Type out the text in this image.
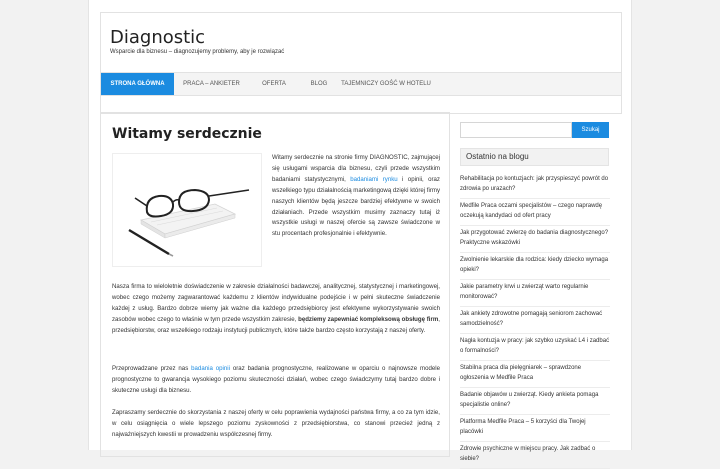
Diagnostic
Wsparcie dla biznesu – diagnozujemy problemy, aby je rozwiązać
STRONA GŁÓWNA	PRACA – ANKIETER	OFERTA	BLOG	TAJEMNICZY GOŚĆ W HOTELU
Witamy serdecznie

Witamy serdecznie na stronie firmy DIAGNOSTIC, zajmującej się usługami wsparcia dla biznesu, czyli przede wszystkim badaniami statystycznymi, badaniami rynku i opinii, oraz wszelkiego typu działalnością marketingową dzięki której firmy naszych klientów będą jeszcze bardziej efektywne w swoich działaniach. Przede wszystkim musimy zaznaczy tutaj iż wszystkie usługi w naszej ofercie są zawsze świadczone w stu procentach profesjonalnie i efektywnie.

Nasza firma to wieloletnie doświadczenie w zakresie działalności badawczej, analitycznej, statystycznej i marketingowej, wobec czego możemy zagwarantować każdemu z klientów indywidualne podejście i w pełni skuteczne świadczenie każdej z usług. Bardzo dobrze wiemy jak ważne dla każdego przedsiębiorcy jest efektywne wykorzystywanie swoich zasobów wobec czego to właśnie w tym przede wszystkim zakresie, będziemy zapewniać kompleksową obsługę firm, przedsiębiorstw, oraz wszelkiego rodzaju instytucji publicznych, które także bardzo często korzystają z naszej oferty.

Przeprowadzane przez nas badania opinii oraz badania prognostyczne, realizowane w oparciu o najnowsze modele prognostyczne to gwarancja wysokiego poziomu skuteczności działań, wobec czego świadczymy tutaj bardzo dobre i skuteczne usługi dla biznesu.

Zapraszamy serdecznie do skorzystania z naszej oferty w celu poprawienia wydajności państwa firmy, a co za tym idzie, w celu osiągnięcia o wiele lepszego poziomu zyskowności z przedsiębiorstwa, co stanowi przecież jedną z najważniejszych kwestii w prowadzeniu współczesnej firmy.

Szukaj
Ostatnio na blogu
Rehabilitacja po kontuzjach: jak przyspieszyć powrót do zdrowia po urazach?
Medfile Praca oczami specjalistów – czego naprawdę oczekują kandydaci od ofert pracy
Jak przygotować zwierzę do badania diagnostycznego? Praktyczne wskazówki
Zwolnienie lekarskie dla rodzica: kiedy dziecko wymaga opieki?
Jakie parametry krwi u zwierząt warto regularnie monitorować?
Jak ankiety zdrowotne pomagają seniorom zachować samodzielność?
Nagła kontuzja w pracy: jak szybko uzyskać L4 i zadbać o formalności?
Stabilna praca dla pielęgniarek – sprawdzone ogłoszenia w Medfile Praca
Badanie objawów u zwierząt. Kiedy ankieta pomaga specjalistie online?
Platforma Medfile Praca – 5 korzyści dla Twojej placówki
Zdrowie psychiczne w miejscu pracy. Jak zadbać o siebie?
